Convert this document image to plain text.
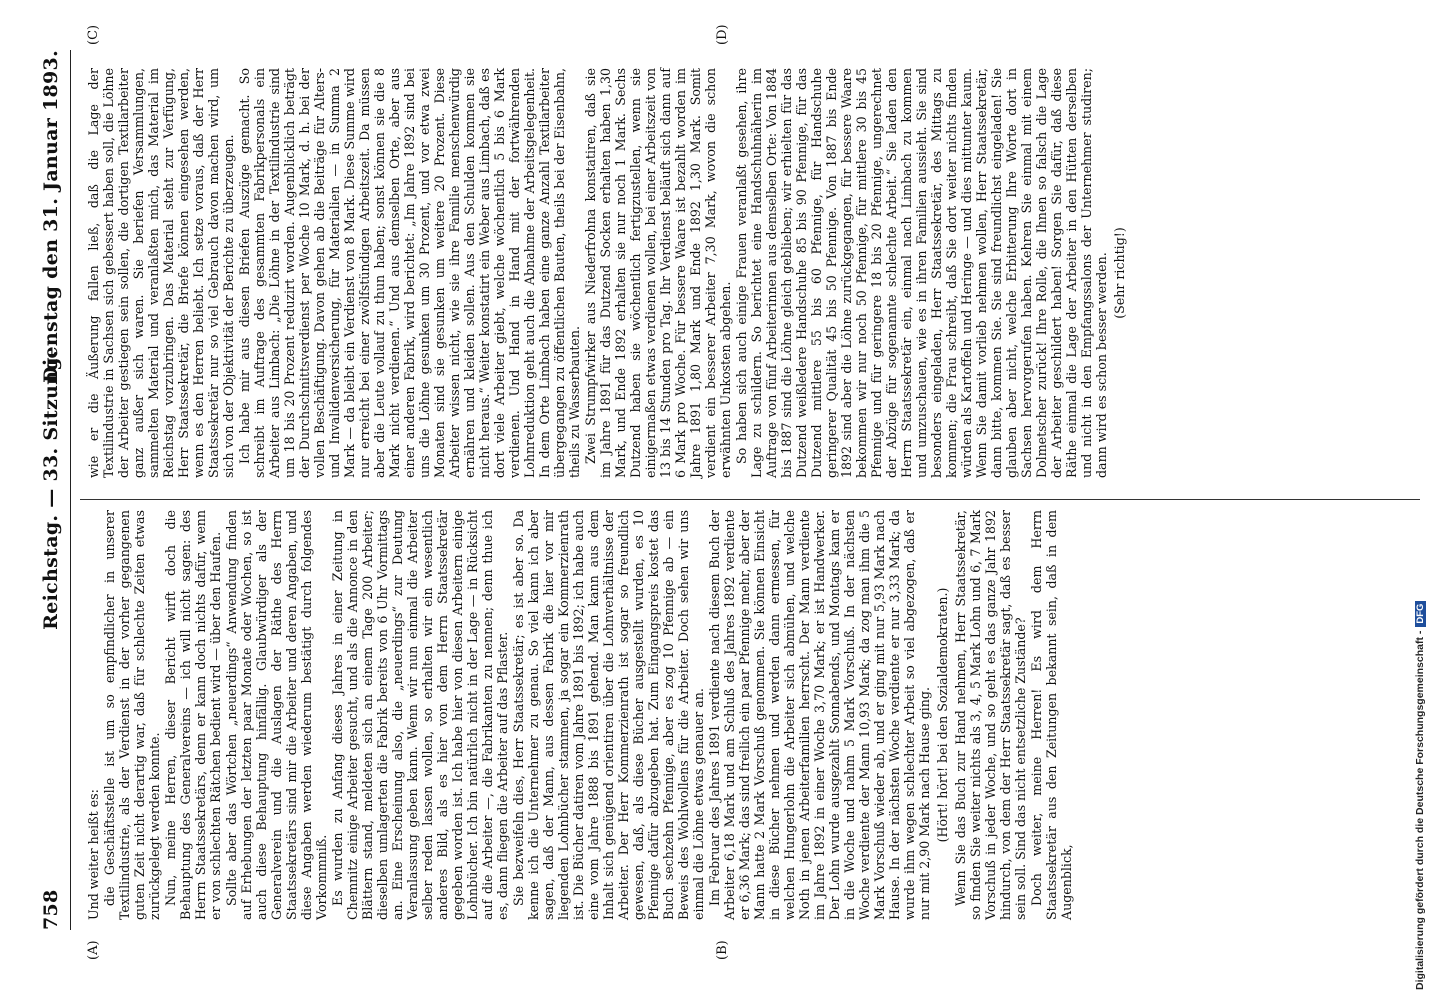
758
Reichstag. — 33. Sitzung.
Dienstag den 31. Januar 1893.
(A)	(B)
(C)	(D)

Und weiter heißt es: die Geschäftsstelle ist um so empfindlicher in unserer Textilindustrie, als der Verdienst in der vorher gegangenen guten Zeit nicht derartig war, daß für schlechte Zeiten etwas zurückgelegt werden konnte. Nun, meine Herren, dieser Bericht wirft doch die Behauptung des Generalvereins — ich will nicht sagen: des Herrn Staatssekretärs, denn er kann doch nichts dafür, wenn er von schlechten Rätchen bedient wird — über den Haufen. Sollte aber das Wörtchen „neuerdings“ Anwendung finden auf Erhebungen der letzten paar Monate oder Wochen, so ist auch diese Behauptung hinfällig. Glaubwürdiger als der Generalverein und die Auslagen der Räthe des Herrn Staatssekretärs sind mir die Arbeiter und deren Angaben, und diese Angaben werden wiederum bestätigt durch folgendes Vorkommniß. Es wurden zu Anfang dieses Jahres in einer Zeitung in Chemnitz einige Arbeiter gesucht, und als die Annonce in den Blättern stand, meldeten sich an einem Tage 200 Arbeiter; dieselben umlagerten die Fabrik bereits von 6 Uhr Vormittags an. Eine Erscheinung also, die „neuerdings“ zur Deutung Veranlassung geben kann. Wenn wir nun einmal die Arbeiter selber reden lassen wollen, so erhalten wir ein wesentlich anderes Bild, als es hier von dem Herrn Staatssekretär gegeben worden ist. Ich habe hier von diesen Arbeitern einige Lohnbücher. Ich bin natürlich nicht in der Lage — in Rücksicht auf die Arbeiter —, die Fabrikanten zu nennen; denn thue ich es, dann fliegen die Arbeiter auf das Pflaster. Sie bezweifeln dies, Herr Staatssekretär; es ist aber so. Da kenne ich die Unternehmer zu genau. So viel kann ich aber sagen, daß der Mann, aus dessen Fabrik die hier vor mir liegenden Lohnbücher stammen, ja sogar ein Kommerzienrath ist. Die Bücher datiren vom Jahre 1891 bis 1892; ich habe auch eine vom Jahre 1888 bis 1891 gehend. Man kann aus dem Inhalt sich genügend orientiren über die Lohnverhältnisse der Arbeiter. Der Herr Kommerzienrath ist sogar so freundlich gewesen, daß, als diese Bücher ausgestellt wurden, es 10 Pfennige dafür abzugeben hat. Zum Eingangspreis kostet das Buch sechzehn Pfennige, aber es zog 10 Pfennige ab — ein Beweis des Wohlwollens für die Arbeiter. Doch sehen wir uns einmal die Löhne etwas genauer an. Im Februar des Jahres 1891 verdiente nach diesem Buch der Arbeiter 6,18 Mark und am Schluß des Jahres 1892 verdiente er 6,36 Mark; das sind freilich ein paar Pfennige mehr, aber der Mann hatte 2 Mark Vorschuß genommen. Sie können Einsicht in diese Bücher nehmen und werden dann ermessen, für welchen Hungerlohn die Arbeiter sich abmühen, und welche Noth in jenen Arbeiterfamilien herrscht. Der Mann verdiente im Jahre 1892 in einer Woche 3,70 Mark; er ist Handwerker. Der Lohn wurde ausgezahlt Sonnabends, und Montags kam er in die Woche und nahm 5 Mark Vorschuß. In der nächsten Woche verdiente der Mann 10,93 Mark; da zog man ihm die 5 Mark Vorschuß wieder ab, und er ging mit nur 5,93 Mark nach Hause. In der nächsten Woche verdiente er nur 3,33 Mark; da wurde ihm wegen schlechter Arbeit so viel abgezogen, daß er nur mit 2,90 Mark nach Hause ging. (Hört! hört! bei den Sozialdemokraten.) Wenn Sie das Buch zur Hand nehmen, Herr Staatssekretär, so finden Sie weiter nichts als 3, 4, 5 Mark Lohn und 6, 7 Mark Vorschuß in jeder Woche, und so geht es das ganze Jahr 1892 hindurch, von dem der Herr Staatssekretär sagt, daß es besser sein soll. Sind das nicht entsetzliche Zustände? Doch weiter, meine Herren! Es wird dem Herrn Staatssekretär aus den Zeitungen bekannt sein, daß in dem Augenblick,

wie er die Äußerung fallen ließ, daß die Lage der Textilindustrie in Sachsen sich gebessert haben soll, die Löhne der Arbeiter gestiegen sein sollen, die dortigen Textilarbeiter ganz außer sich waren. Sie beriefen Versammlungen, sammelten Material und veranlaßten mich, das Material im Reichstag vorzubringen. Das Material steht zur Verfügung, Herr Staatssekretär, die Briefe können eingesehen werden, wenn es den Herren beliebt. Ich setze voraus, daß der Herr Staatssekretär nur so viel Gebrauch davon machen wird, um sich von der Objektivität der Berichte zu überzeugen. Ich habe mir aus diesen Briefen Auszüge gemacht. So schreibt im Auftrage des gesammten Fabrikpersonals ein Arbeiter aus Limbach: „Die Löhne in der Textilindustrie sind um 18 bis 20 Prozent reduzirt worden. Augenblicklich beträgt der Durchschnittsverdienst per Woche 10 Mark, d. h. bei der vollen Beschäftigung. Davon gehen ab die Beiträge für Alters- und Invalidenversicherung, für Materialien — in Summa 2 Mark — da bleibt ein Verdienst von 8 Mark. Diese Summe wird nur erreicht bei einer zwölfstündigen Arbeitszeit. Da müssen aber die Leute vollauf zu thun haben; sonst können sie die 8 Mark nicht verdienen.“ Und aus demselben Orte, aber aus einer anderen Fabrik, wird berichtet: „Im Jahre 1892 sind bei uns die Löhne gesunken um 30 Prozent, und vor etwa zwei Monaten sind sie gesunken um weitere 20 Prozent. Diese Arbeiter wissen nicht, wie sie ihre Familie menschenwürdig ernähren und kleiden sollen. Aus den Schulden kommen sie nicht heraus.“ Weiter konstatirt ein Weber aus Limbach, daß es dort viele Arbeiter giebt, welche wöchentlich 5 bis 6 Mark verdienen. Und Hand in Hand mit der fortwährenden Lohnreduktion geht auch die Abnahme der Arbeitsgelegenheit. In dem Orte Limbach haben eine ganze Anzahl Textilarbeiter übergegangen zu öffentlichen Bauten, theils bei der Eisenbahn, theils zu Wasserbauten. Zwei Strumpfwirker aus Niederfrohna konstatiren, daß sie im Jahre 1891 für das Dutzend Socken erhalten haben 1,30 Mark, und Ende 1892 erhalten sie nur noch 1 Mark. Sechs Dutzend haben sie wöchentlich fertigzustellen, wenn sie einigermaßen etwas verdienen wollen, bei einer Arbeitszeit von 13 bis 14 Stunden pro Tag. Ihr Verdienst beläuft sich dann auf 6 Mark pro Woche. Für bessere Waare ist bezahlt worden im Jahre 1891 1,80 Mark und Ende 1892 1,30 Mark. Somit verdient ein besserer Arbeiter 7,30 Mark, wovon die schon erwähnten Unkosten abgehen. So haben sich auch einige Frauen veranlaßt gesehen, ihre Lage zu schildern. So berichtet eine Handschuhnäherin im Auftrage von fünf Arbeiterinnen aus demselben Orte: Von 1884 bis 1887 sind die Löhne gleich geblieben; wir erhielten für das Dutzend weißledere Handschuhe 85 bis 90 Pfennige, für das Dutzend mittlere 55 bis 60 Pfennige, für Handschuhe geringerer Qualität 45 bis 50 Pfennige. Von 1887 bis Ende 1892 sind aber die Löhne zurückgegangen, für bessere Waare bekommen wir nur noch 50 Pfennige, für mittlere 30 bis 45 Pfennige und für geringere 18 bis 20 Pfennige, ungerechnet der Abzüge für sogenannte schlechte Arbeit.“ Sie laden den Herrn Staatssekretär ein, einmal nach Limbach zu kommen und umzuschauen, wie es in ihren Familien aussieht. Sie sind besonders eingeladen, Herr Staatssekretär, des Mittags zu kommen; die Frau schreibt, daß Sie dort weiter nichts finden würden als Kartoffeln und Heringe — und dies mittunter kaum. Wenn Sie damit vorlieb nehmen wollen, Herr Staatssekretär, dann bitte, kommen Sie. Sie sind freundlichst eingeladen! Sie glauben aber nicht, welche Erbitterung Ihre Worte dort in Sachsen hervorgerufen haben. Kehren Sie einmal mit einem Dolmetscher zurück! Ihre Rolle, die Ihnen so falsch die Lage der Arbeiter geschildert haben! Sorgen Sie dafür, daß diese Räthe einmal die Lage der Arbeiter in den Hütten derselben und nicht in den Empfangssalons der Unternehmer studiren; dann wird es schon besser werden. (Sehr richtig!)

Digitalisierung gefördert durch die Deutsche Forschungsgemeinschaft -DFG
